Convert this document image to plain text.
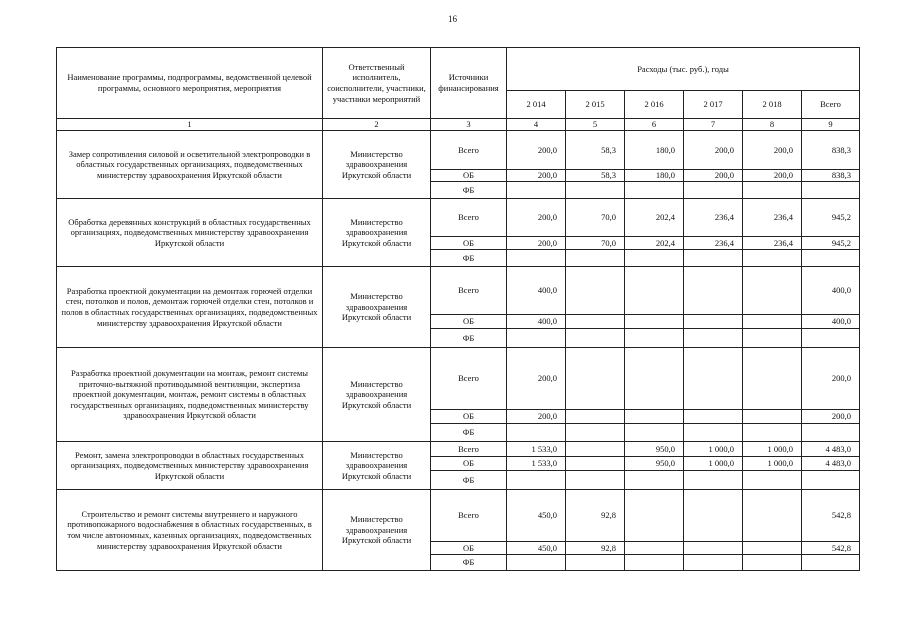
16
Наименование программы, подпрограммы, ведомственной целевой программы, основного мероприятия, мероприятия	Ответственный исполнитель, соисполнители, участники, участники мероприятий	Источники финансирования	Расходы (тыс. руб.), годы					
			2 014	2 015	2 016	2 017	2 018	Всего
1	2	3	4	5	6	7	8	9
Замер сопротивления силовой и осветительной электропроводки в областных государственных организациях, подведомственных министерству здравоохранения Иркутской области	Министерство здравоохранения Иркутской области	Всего	200,0	58,3	180,0	200,0	200,0	838,3
		ОБ	200,0	58,3	180,0	200,0	200,0	838,3
		ФБ						
Обработка деревянных конструкций в областных государственных организациях, подведомственных министерству здравоохранения Иркутской области	Министерство здравоохранения Иркутской области	Всего	200,0	70,0	202,4	236,4	236,4	945,2
		ОБ	200,0	70,0	202,4	236,4	236,4	945,2
		ФБ						
Разработка проектной документации на демонтаж горючей отделки стен, потолков и полов, демонтаж горючей отделки стен, потолков и полов в областных государственных организациях, подведомственных министерству здравоохранения Иркутской области	Министерство здравоохранения Иркутской области	Всего	400,0					400,0
		ОБ	400,0					400,0
		ФБ						
Разработка проектной документации на монтаж, ремонт системы приточно-вытяжной противодымной вентиляции, экспертиза проектной документации, монтаж, ремонт системы в областных государственных организациях, подведомственных министерству здравоохранения Иркутской области	Министерство здравоохранения Иркутской области	Всего	200,0					200,0
		ОБ	200,0					200,0
		ФБ						
Ремонт, замена электропроводки в областных государственных организациях, подведомственных министерству здравоохранения Иркутской области	Министерство здравоохранения Иркутской области	Всего	1 533,0		950,0	1 000,0	1 000,0	4 483,0
		ОБ	1 533,0		950,0	1 000,0	1 000,0	4 483,0
		ФБ						
Строительство и ремонт системы внутреннего и наружного противопожарного водоснабжения в областных государственных, в том числе автономных, казенных организациях, подведомственных министерству здравоохранения Иркутской области	Министерство здравоохранения Иркутской области	Всего	450,0	92,8				542,8
		ОБ	450,0	92,8				542,8
		ФБ						
